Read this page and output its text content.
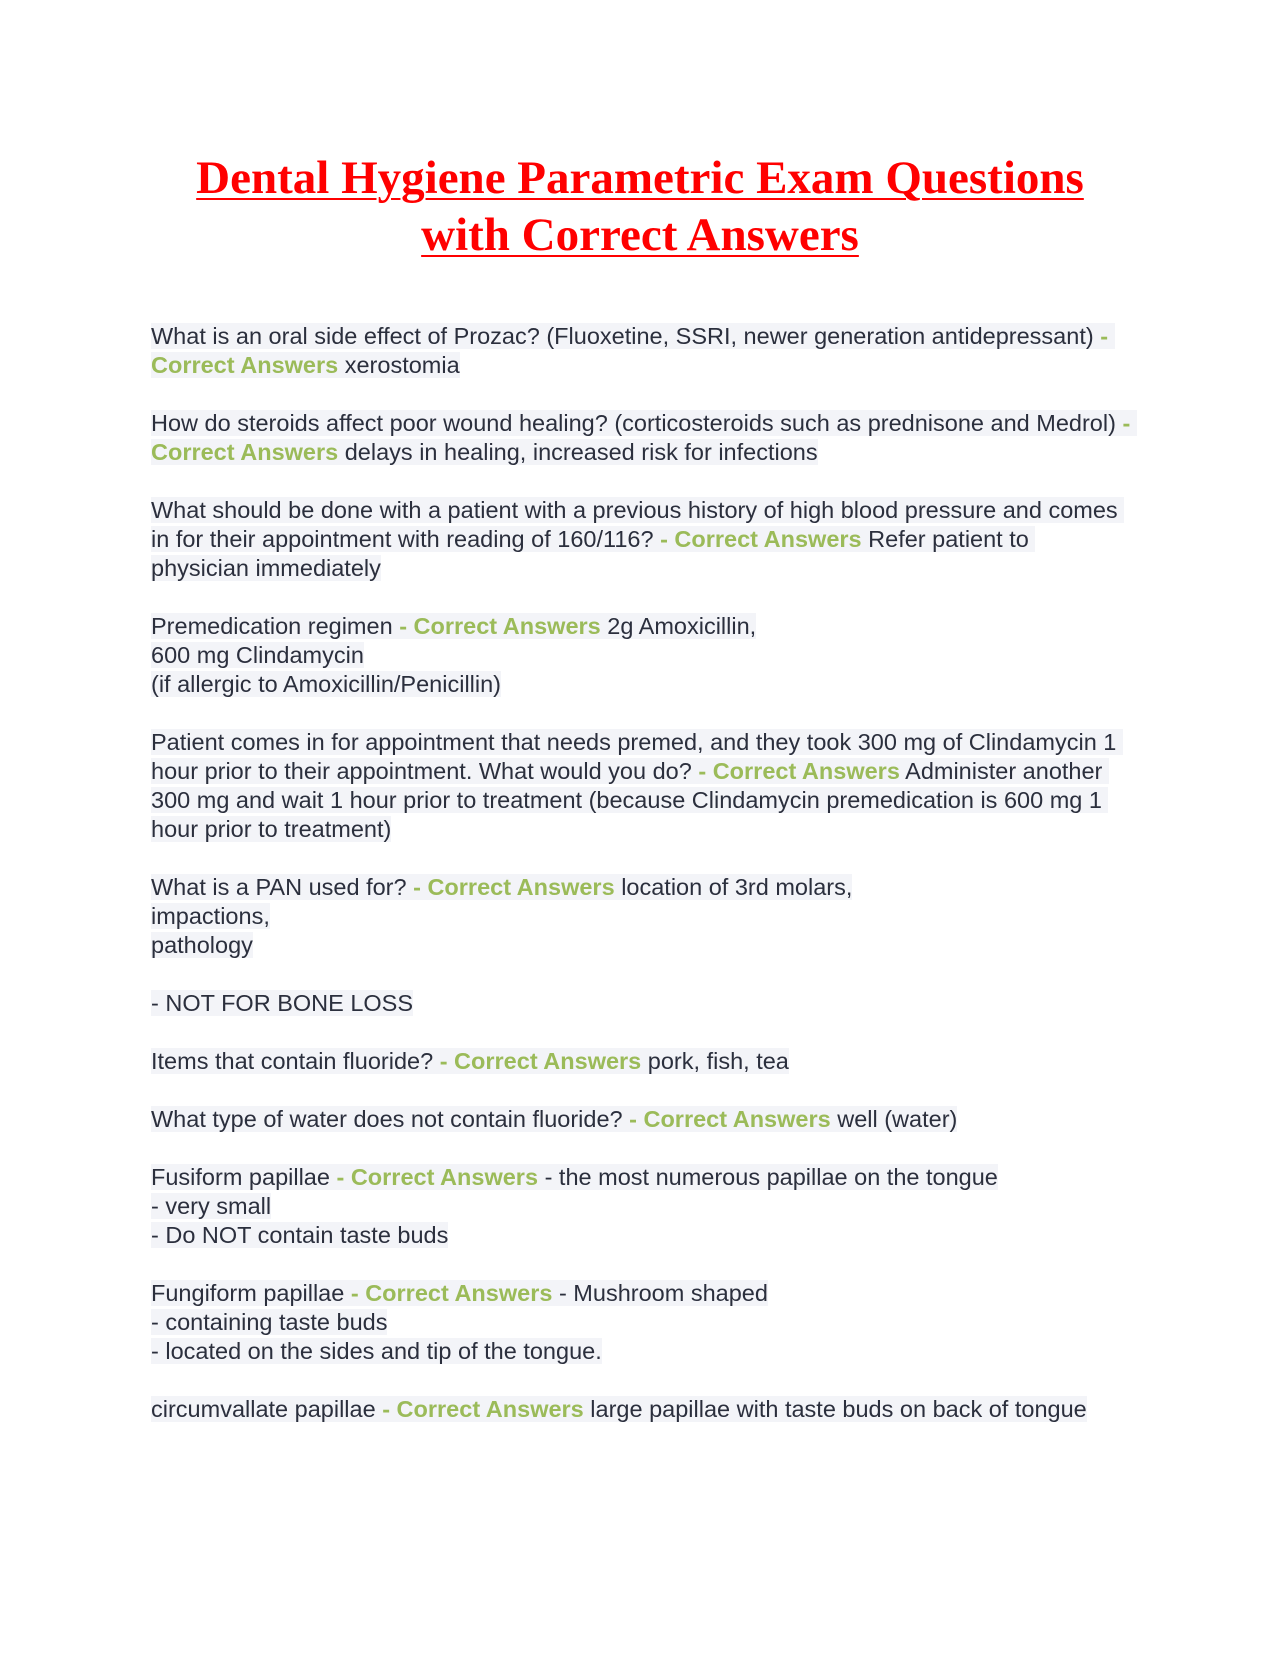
Dental Hygiene Parametric Exam Questions
with Correct Answers

What is an oral side effect of Prozac? (Fluoxetine, SSRI, newer generation antidepressant) - Correct Answers xerostomia

How do steroids affect poor wound healing? (corticosteroids such as prednisone and Medrol) - Correct Answers delays in healing, increased risk for infections

What should be done with a patient with a previous history of high blood pressure and comes in for their appointment with reading of 160/116? - Correct Answers Refer patient to physician immediately

Premedication regimen - Correct Answers 2g Amoxicillin,
600 mg Clindamycin
(if allergic to Amoxicillin/Penicillin)

Patient comes in for appointment that needs premed, and they took 300 mg of Clindamycin 1 hour prior to their appointment. What would you do? - Correct Answers Administer another 300 mg and wait 1 hour prior to treatment (because Clindamycin premedication is 600 mg 1 hour prior to treatment)

What is a PAN used for? - Correct Answers location of 3rd molars,
impactions,
pathology

- NOT FOR BONE LOSS

Items that contain fluoride? - Correct Answers pork, fish, tea

What type of water does not contain fluoride? - Correct Answers well (water)

Fusiform papillae - Correct Answers - the most numerous papillae on the tongue
- very small
- Do NOT contain taste buds

Fungiform papillae - Correct Answers - Mushroom shaped
- containing taste buds
- located on the sides and tip of the tongue.

circumvallate papillae - Correct Answers large papillae with taste buds on back of tongue
